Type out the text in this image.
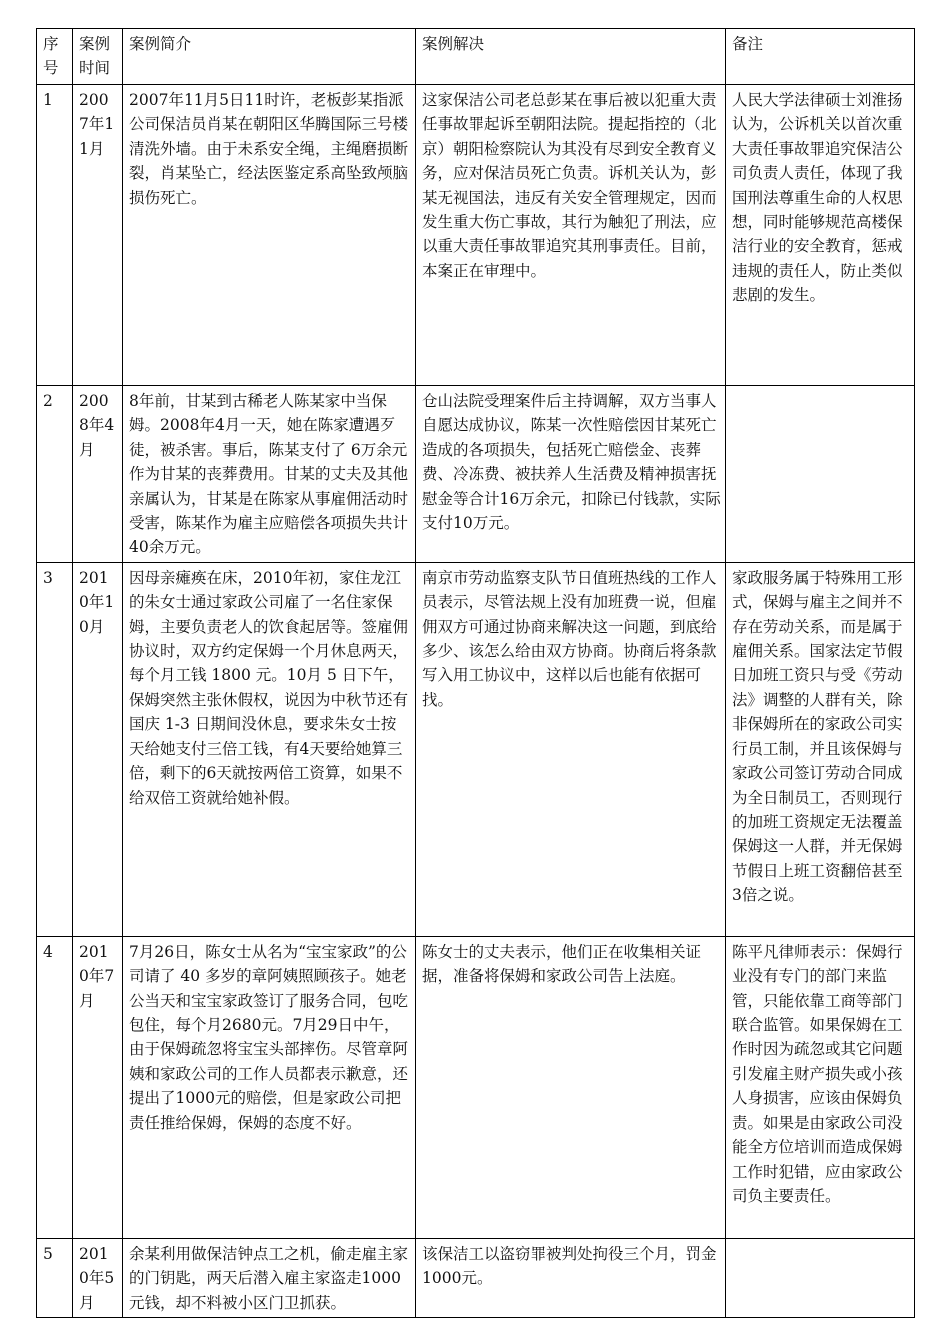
序号	案例时间	案例简介	案例解决	备注
1	2007年11月	2007年11月5日11时许，老板彭某指派公司保洁员肖某在朝阳区华腾国际三号楼清洗外墙。由于未系安全绳，主绳磨损断裂，肖某坠亡，经法医鉴定系高坠致颅脑损伤死亡。	这家保洁公司老总彭某在事后被以犯重大责任事故罪起诉至朝阳法院。提起指控的（北京）朝阳检察院认为其没有尽到安全教育义务，应对保洁员死亡负责。诉机关认为，彭某无视国法，违反有关安全管理规定，因而发生重大伤亡事故，其行为触犯了刑法，应以重大责任事故罪追究其刑事责任。目前，本案正在审理中。	人民大学法律硕士刘淮扬认为，公诉机关以首次重大责任事故罪追究保洁公司负责人责任，体现了我国刑法尊重生命的人权思想，同时能够规范高楼保洁行业的安全教育，惩戒违规的责任人，防止类似悲剧的发生。
2	2008年4月	8年前，甘某到古稀老人陈某家中当保姆。2008年4月一天，她在陈家遭遇歹徒，被杀害。事后，陈某支付了 6万余元作为甘某的丧葬费用。甘某的丈夫及其他亲属认为，甘某是在陈家从事雇佣活动时受害，陈某作为雇主应赔偿各项损失共计40余万元。	仓山法院受理案件后主持调解，双方当事人自愿达成协议，陈某一次性赔偿因甘某死亡造成的各项损失，包括死亡赔偿金、丧葬费、冷冻费、被扶养人生活费及精神损害抚慰金等合计16万余元，扣除已付钱款，实际支付10万元。	
3	2010年10月	因母亲瘫痪在床，2010年初，家住龙江的朱女士通过家政公司雇了一名住家保姆，主要负责老人的饮食起居等。签雇佣协议时，双方约定保姆一个月休息两天，每个月工钱 1800 元。10月 5 日下午，保姆突然主张休假权，说因为中秋节还有国庆 1-3 日期间没休息，要求朱女士按天给她支付三倍工钱，有4天要给她算三倍，剩下的6天就按两倍工资算，如果不给双倍工资就给她补假。	南京市劳动监察支队节日值班热线的工作人员表示，尽管法规上没有加班费一说，但雇佣双方可通过协商来解决这一问题，到底给多少、该怎么给由双方协商。协商后将条款写入用工协议中，这样以后也能有依据可找。	家政服务属于特殊用工形式，保姆与雇主之间并不存在劳动关系，而是属于雇佣关系。国家法定节假日加班工资只与受《劳动法》调整的人群有关，除非保姆所在的家政公司实行员工制，并且该保姆与家政公司签订劳动合同成为全日制员工，否则现行的加班工资规定无法覆盖保姆这一人群，并无保姆节假日上班工资翻倍甚至3倍之说。
4	2010年7月	7月26日，陈女士从名为“宝宝家政”的公司请了 40 多岁的章阿姨照顾孩子。她老公当天和宝宝家政签订了服务合同，包吃包住，每个月2680元。7月29日中午，由于保姆疏忽将宝宝头部摔伤。尽管章阿姨和家政公司的工作人员都表示歉意，还提出了1000元的赔偿，但是家政公司把责任推给保姆，保姆的态度不好。	陈女士的丈夫表示，他们正在收集相关证据，准备将保姆和家政公司告上法庭。	陈平凡律师表示：保姆行业没有专门的部门来监管，只能依靠工商等部门联合监管。如果保姆在工作时因为疏忽或其它问题引发雇主财产损失或小孩人身损害，应该由保姆负责。如果是由家政公司没能全方位培训而造成保姆工作时犯错，应由家政公司负主要责任。
5	2010年5月	余某利用做保洁钟点工之机，偷走雇主家的门钥匙，两天后潜入雇主家盗走1000元钱，却不料被小区门卫抓获。	该保洁工以盗窃罪被判处拘役三个月，罚金1000元。	
